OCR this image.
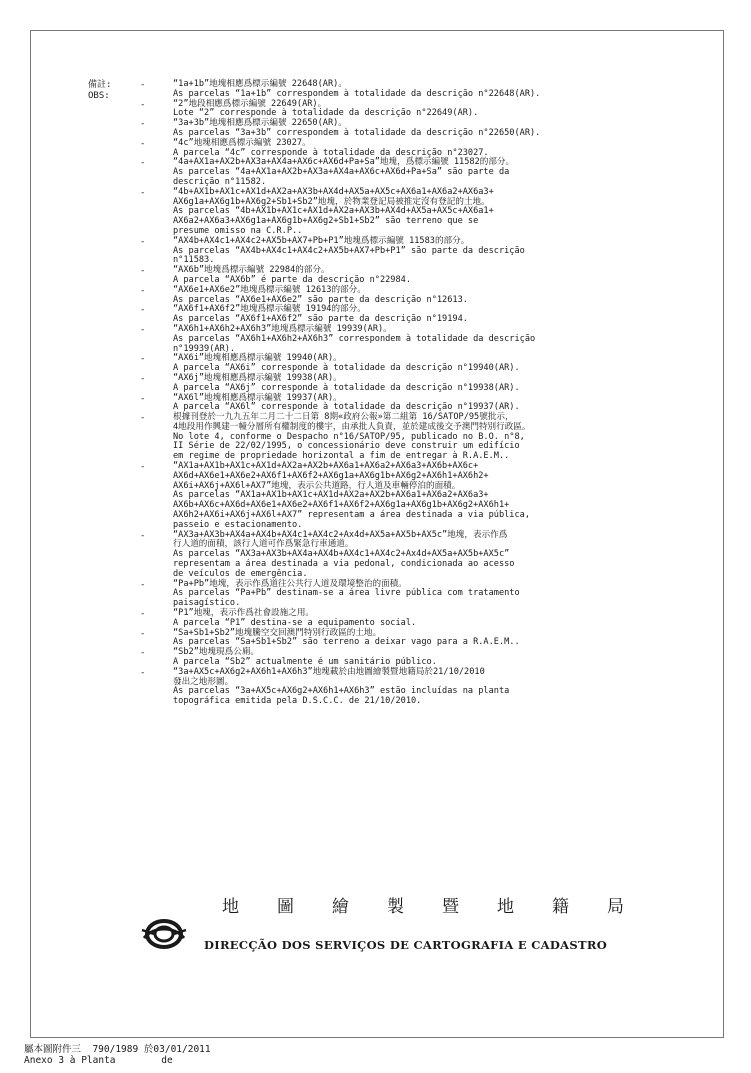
備註:
OBS:
-	“1a+1b”地塊相應爲標示編號 22648(AR)。
As parcelas “1a+1b” correspondem à totalidade da descrição n°22648(AR).
-	“2”地段相應爲標示編號 22649(AR)。
Lote “2” corresponde à totalidade da descrição n°22649(AR).
-	“3a+3b”地塊相應爲標示編號 22650(AR)。
As parcelas “3a+3b” correspondem à totalidade da descrição n°22650(AR).
-	“4c”地塊相應爲標示編號 23027。
A parcela “4c” corresponde à totalidade da descrição n°23027.
-	“4a+AX1a+AX2b+AX3a+AX4a+AX6c+AX6d+Pa+Sa”地塊，爲標示編號 11582的部分。
As parcelas “4a+AX1a+AX2b+AX3a+AX4a+AX6c+AX6d+Pa+Sa” são parte da
descrição n°11582.
-	“4b+AX1b+AX1c+AX1d+AX2a+AX3b+AX4d+AX5a+AX5c+AX6a1+AX6a2+AX6a3+
AX6g1a+AX6g1b+AX6g2+Sb1+Sb2”地塊，於物業登記局被推定沒有登記的土地。
As parcelas “4b+AX1b+AX1c+AX1d+AX2a+AX3b+AX4d+AX5a+AX5c+AX6a1+
AX6a2+AX6a3+AX6g1a+AX6g1b+AX6g2+Sb1+Sb2” são terreno que se
presume omisso na C.R.P..
-	“AX4b+AX4c1+AX4c2+AX5b+AX7+Pb+P1”地塊爲標示編號 11583的部分。
As parcelas “AX4b+AX4c1+AX4c2+AX5b+AX7+Pb+P1” são parte da descrição
n°11583.
-	“AX6b”地塊爲標示編號 22984的部分。
A parcela “AX6b” é parte da descrição n°22984.
-	“AX6e1+AX6e2”地塊爲標示編號 12613的部分。
As parcelas “AX6e1+AX6e2” são parte da descrição n°12613.
-	“AX6f1+AX6f2”地塊爲標示編號 19194的部分。
As parcelas “AX6f1+AX6f2” são parte da descrição n°19194.
-	“AX6h1+AX6h2+AX6h3”地塊爲標示編號 19939(AR)。
As parcelas “AX6h1+AX6h2+AX6h3” correspondem à totalidade da descrição
n°19939(AR).
-	“AX6i”地塊相應爲標示編號 19940(AR)。
A parcela “AX6i” corresponde à totalidade da descrição n°19940(AR).
-	“AX6j”地塊相應爲標示編號 19938(AR)。
A parcela “AX6j” corresponde à totalidade da descrição n°19938(AR).
-	“AX6l”地塊相應爲標示編號 19937(AR)。
A parcela “AX6l” corresponde à totalidade da descrição n°19937(AR).
-	根據刊登於一九九五年二月二十二日第 8期«政府公報»第二組第 16/SATOP/95號批示，
4地段用作興建一幢分層所有權制度的樓宇，由承批人負責，並於建成後交予澳門特別行政區。
No lote 4, conforme o Despacho n°16/SATOP/95, publicado no B.O. n°8,
II Série de 22/02/1995, o concessionário deve construir um edifício
em regime de propriedade horizontal a fim de entregar à R.A.E.M..
-	“AX1a+AX1b+AX1c+AX1d+AX2a+AX2b+AX6a1+AX6a2+AX6a3+AX6b+AX6c+
AX6d+AX6e1+AX6e2+AX6f1+AX6f2+AX6g1a+AX6g1b+AX6g2+AX6h1+AX6h2+
AX6i+AX6j+AX6l+AX7”地塊，表示公共道路，行人道及車輛停泊的面積。
As parcelas “AX1a+AX1b+AX1c+AX1d+AX2a+AX2b+AX6a1+AX6a2+AX6a3+
AX6b+AX6c+AX6d+AX6e1+AX6e2+AX6f1+AX6f2+AX6g1a+AX6g1b+AX6g2+AX6h1+
AX6h2+AX6i+AX6j+AX6l+AX7” representam a área destinada a via pública,
passeio e estacionamento.
-	“AX3a+AX3b+AX4a+AX4b+AX4c1+AX4c2+Ax4d+AX5a+AX5b+AX5c”地塊，表示作爲
行人道的面積，該行人道可作爲緊急行車通道。
As parcelas “AX3a+AX3b+AX4a+AX4b+AX4c1+AX4c2+Ax4d+AX5a+AX5b+AX5c”
representam a área destinada a via pedonal, condicionada ao acesso
de veículos de emergência.
-	“Pa+Pb”地塊，表示作爲道往公共行人道及環境整治的面積。
As parcelas “Pa+Pb” destinam-se a área livre pública com tratamento
paisagístico.
-	“P1”地塊，表示作爲社會設施之用。
A parcela “P1” destina-se a equipamento social.
-	“Sa+Sb1+Sb2”地塊騰空交回澳門特別行政區的土地。
As parcelas “Sa+Sb1+Sb2” são terreno a deixar vago para a R.A.E.M..
-	“Sb2”地塊現爲公廁。
A parcela “Sb2” actualmente é um sanitário público.
-	“3a+AX5c+AX6g2+AX6h1+AX6h3”地塊載於由地圖繪製暨地籍局於21/10/2010
發出之地形圖。
As parcelas “3a+AX5c+AX6g2+AX6h1+AX6h3” estão incluídas na planta
topográfica emitida pela D.S.C.C. de 21/10/2010.
地圖繪製暨地籍局
DIRECÇÃO DOS SERVIÇOS DE CARTOGRAFIA E CADASTRO
屬本圖附件三  790/1989 於03/01/2011
Anexo 3 à Planta        de
